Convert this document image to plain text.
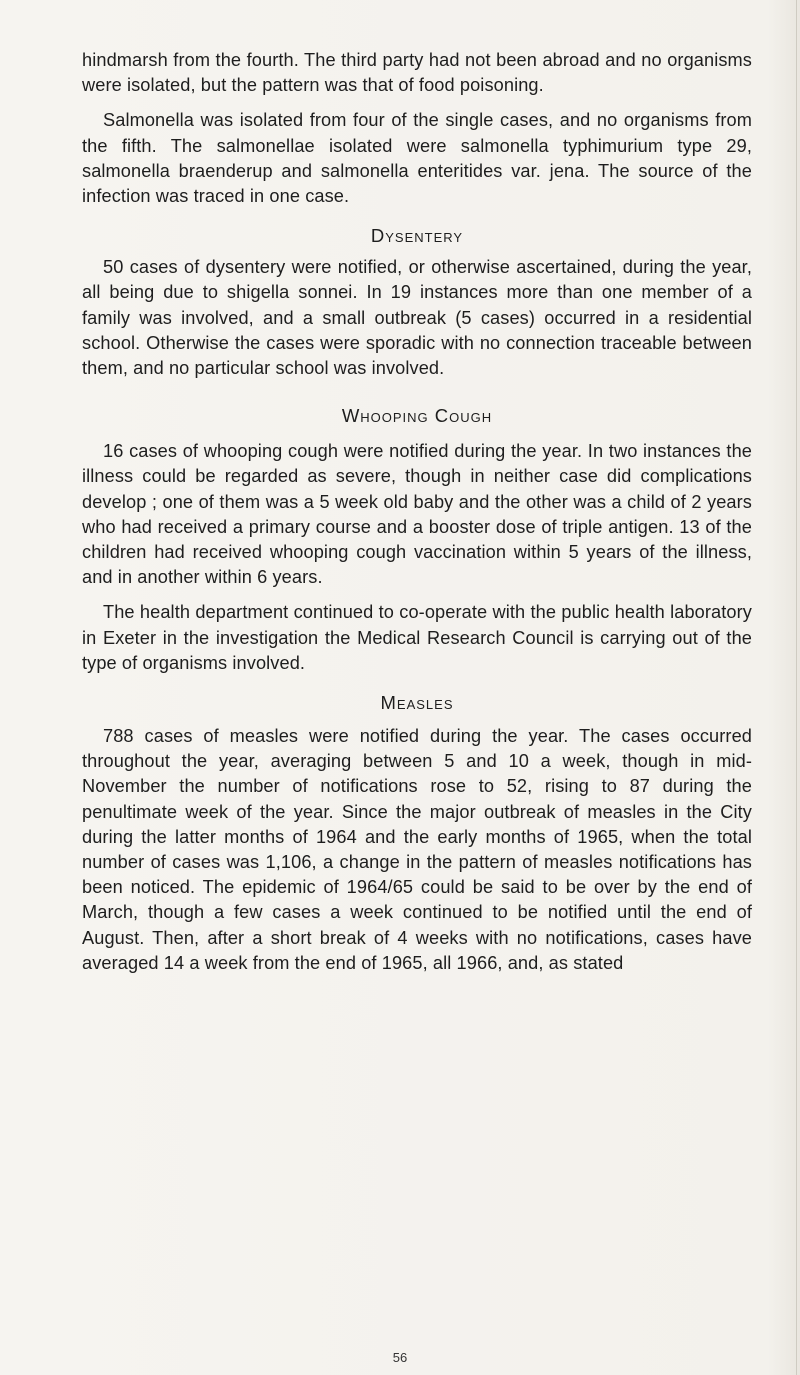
hindmarsh from the fourth. The third party had not been abroad and no organisms were isolated, but the pattern was that of food poisoning.

Salmonella was isolated from four of the single cases, and no organisms from the fifth. The salmonellae isolated were salmonella typhimurium type 29, salmonella braenderup and salmonella enteritides var. jena. The source of the infection was traced in one case.

Dysentery

50 cases of dysentery were notified, or otherwise ascertained, during the year, all being due to shigella sonnei. In 19 instances more than one member of a family was involved, and a small outbreak (5 cases) occurred in a residential school. Otherwise the cases were sporadic with no connection traceable between them, and no particular school was involved.

Whooping Cough

16 cases of whooping cough were notified during the year. In two instances the illness could be regarded as severe, though in neither case did complications develop ; one of them was a 5 week old baby and the other was a child of 2 years who had received a primary course and a booster dose of triple antigen. 13 of the children had received whooping cough vaccination within 5 years of the illness, and in another within 6 years.

The health department continued to co-operate with the public health laboratory in Exeter in the investigation the Medical Research Council is carrying out of the type of organisms involved.

Measles

788 cases of measles were notified during the year. The cases occurred throughout the year, averaging between 5 and 10 a week, though in mid-November the number of notifications rose to 52, rising to 87 during the penultimate week of the year. Since the major outbreak of measles in the City during the latter months of 1964 and the early months of 1965, when the total number of cases was 1,106, a change in the pattern of measles notifications has been noticed. The epidemic of 1964/65 could be said to be over by the end of March, though a few cases a week continued to be notified until the end of August. Then, after a short break of 4 weeks with no notifications, cases have averaged 14 a week from the end of 1965, all 1966, and, as stated

56
